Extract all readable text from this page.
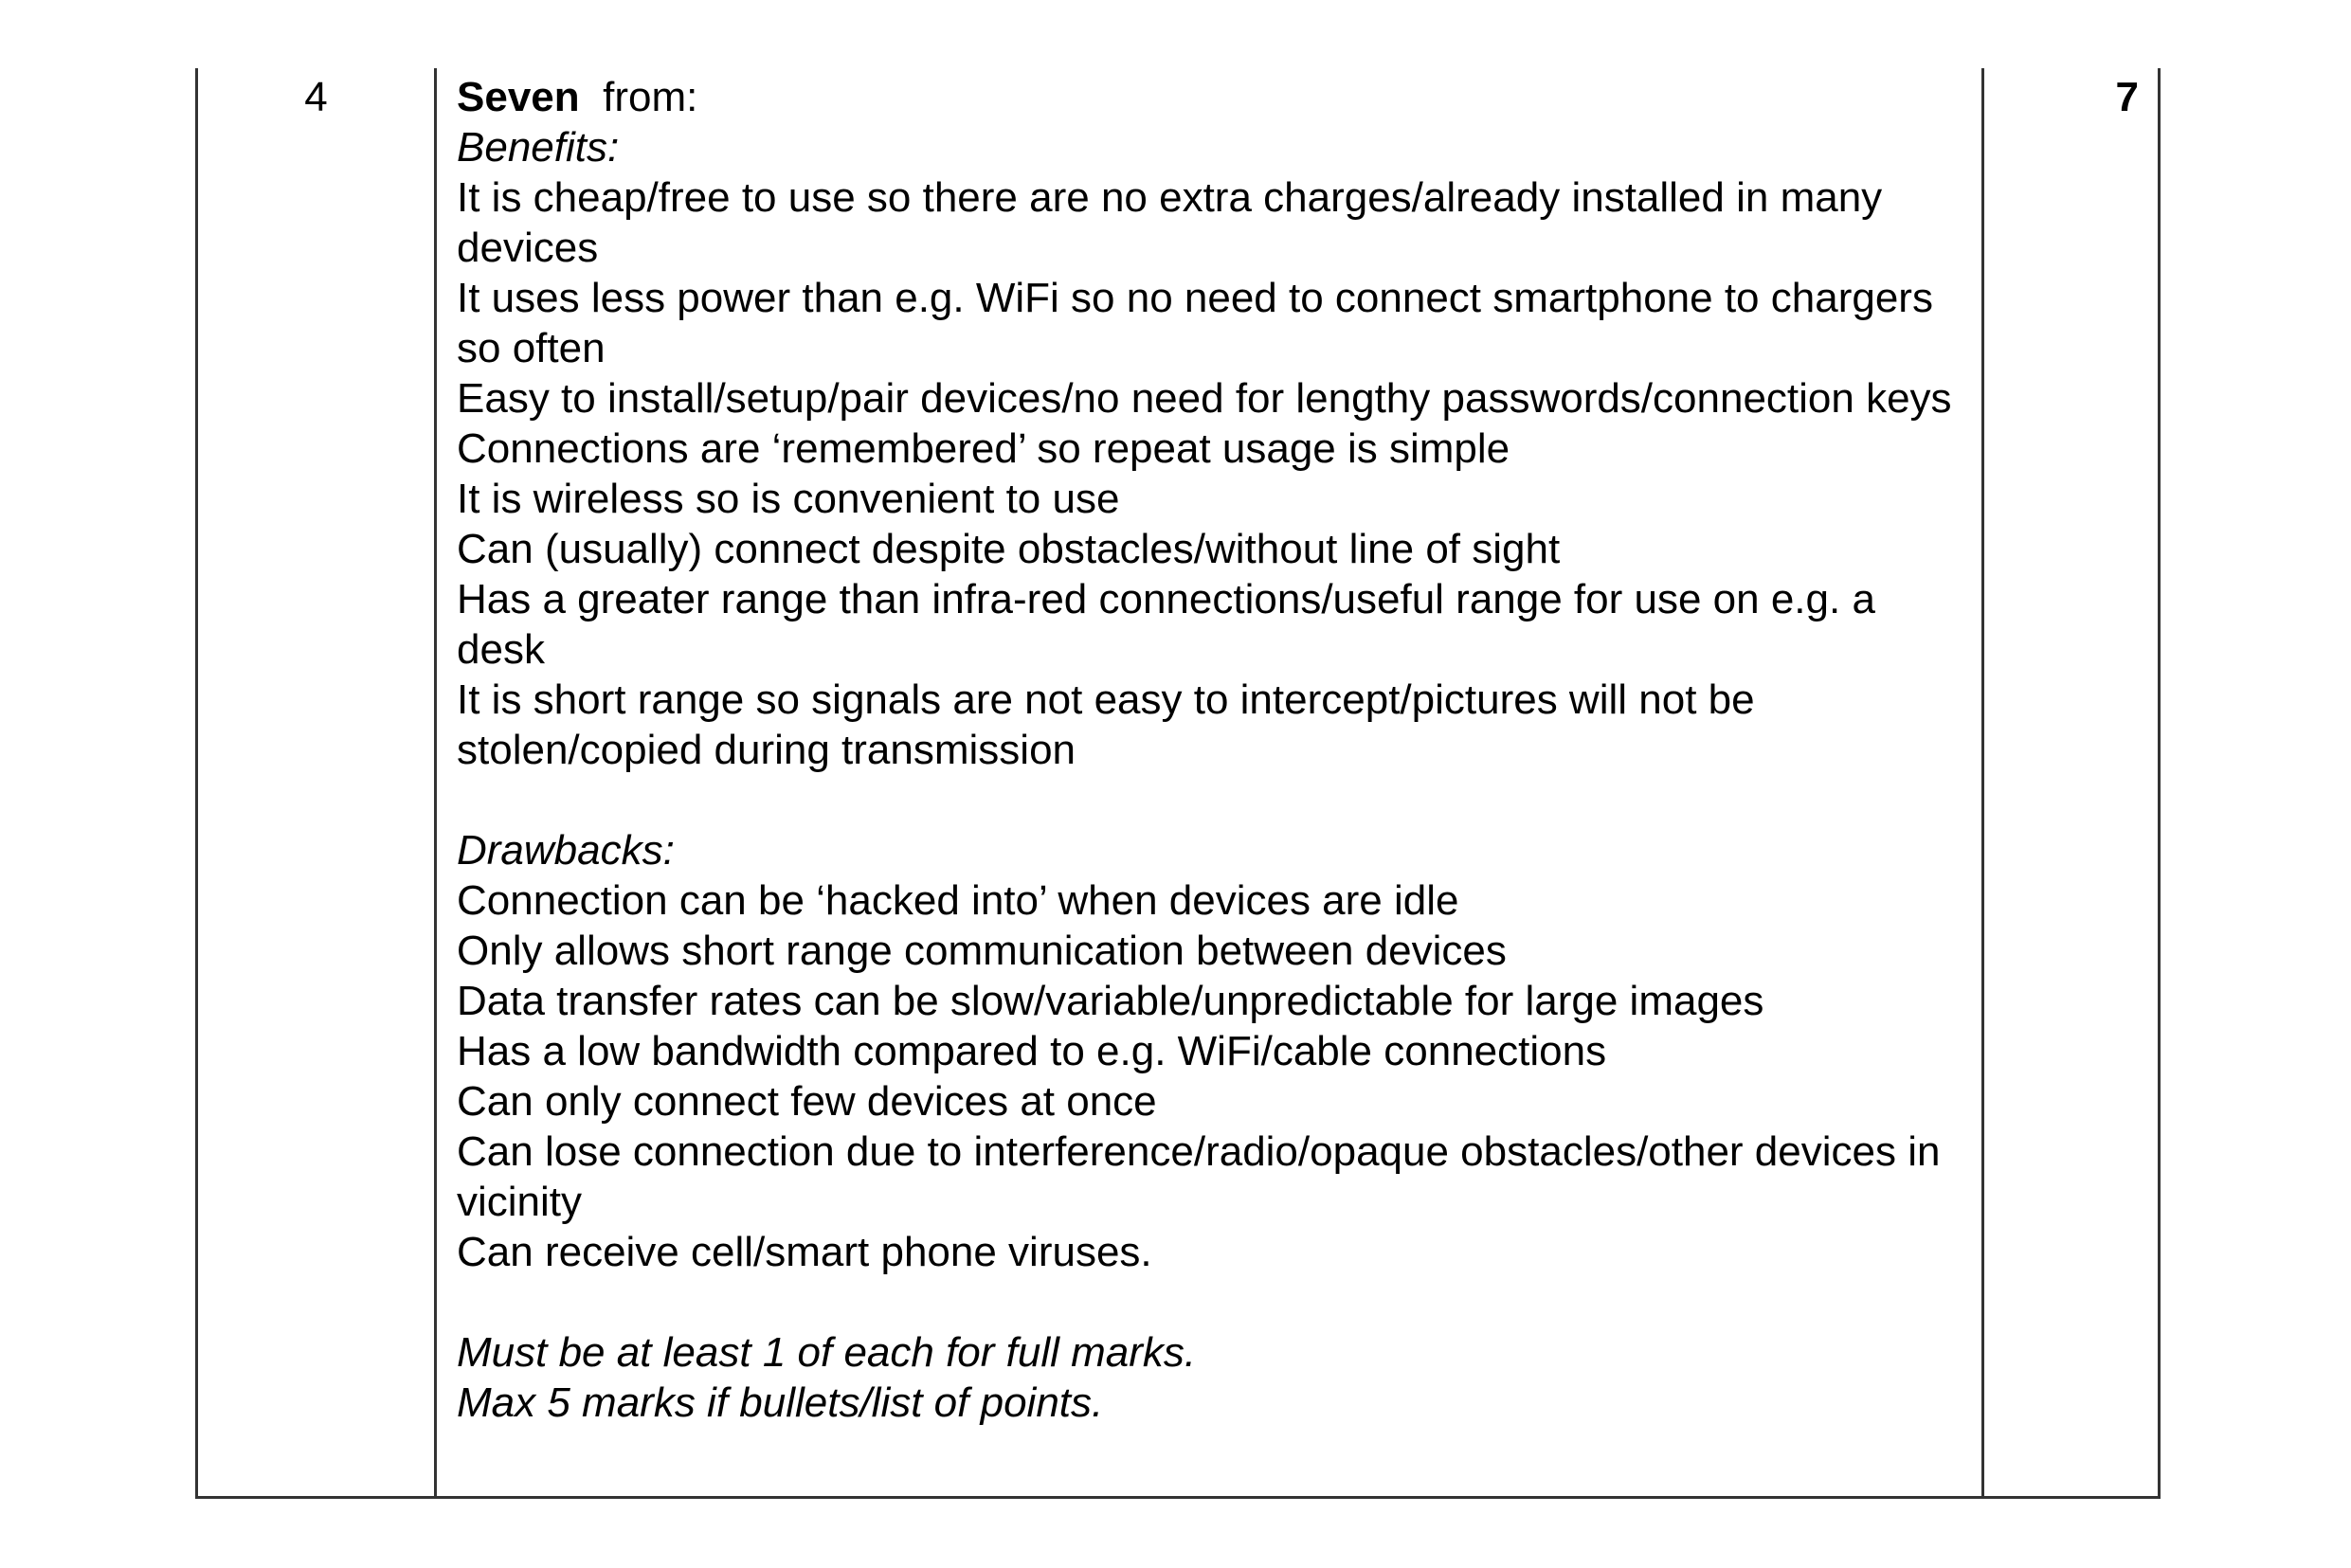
4	Seven from:

Benefits:

It is cheap/free to use so there are no extra charges/already installed in many devices

It uses less power than e.g. WiFi so no need to connect smartphone to chargers so often

Easy to install/setup/pair devices/no need for lengthy passwords/connection keys

Connections are ‘remembered’ so repeat usage is simple

It is wireless so is convenient to use

Can (usually) connect despite obstacles/without line of sight

Has a greater range than infra-red connections/useful range for use on e.g. a desk

It is short range so signals are not easy to intercept/pictures will not be stolen/copied during transmission

Drawbacks:

Connection can be ‘hacked into’ when devices are idle

Only allows short range communication between devices

Data transfer rates can be slow/variable/unpredictable for large images

Has a low bandwidth compared to e.g. WiFi/cable connections

Can only connect few devices at once

Can lose connection due to interference/radio/opaque obstacles/other devices in vicinity

Can receive cell/smart phone viruses.

Must be at least 1 of each for full marks.

Max 5 marks if bullets/list of points.

7
